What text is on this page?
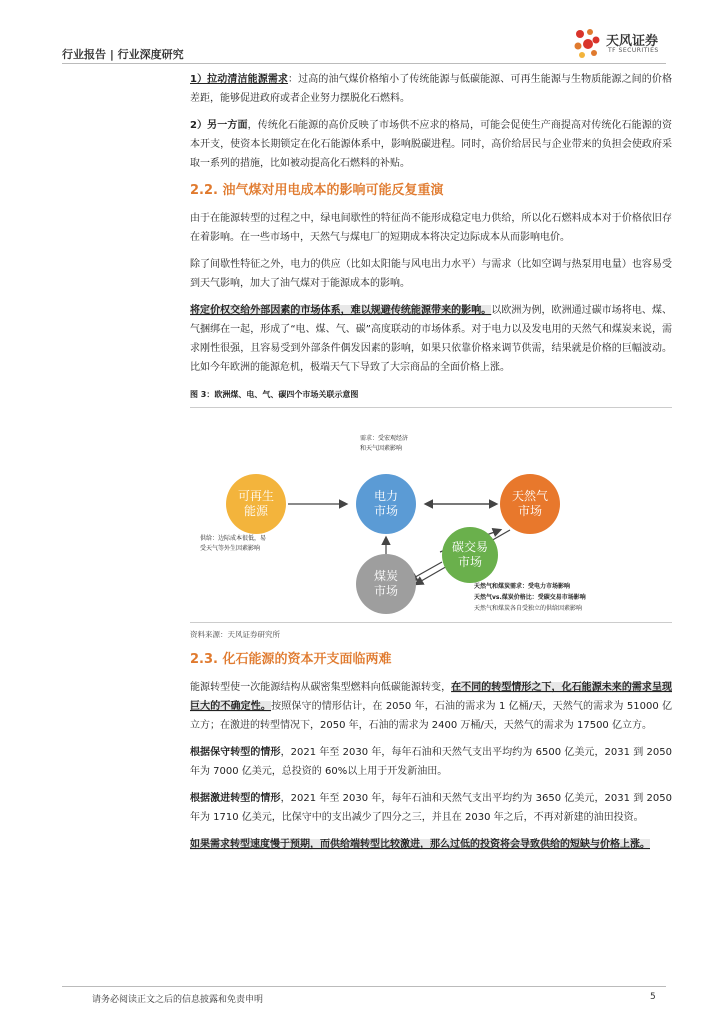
行业报告 | 行业深度研究
天风证券
TF SECURITIES

1）拉动清洁能源需求：过高的油气煤价格缩小了传统能源与低碳能源、可再生能源与生物质能源之间的价格差距，能够促进政府或者企业努力摆脱化石燃料。

2）另一方面，传统化石能源的高价反映了市场供不应求的格局，可能会促使生产商提高对传统化石能源的资本开支，使资本长期锁定在化石能源体系中，影响脱碳进程。同时，高价给居民与企业带来的负担会使政府采取一系列的措施，比如被动提高化石燃料的补贴。

2.2. 油气煤对用电成本的影响可能反复重演

由于在能源转型的过程之中，绿电间歇性的特征尚不能形成稳定电力供给，所以化石燃料成本对于价格依旧存在着影响。在一些市场中，天然气与煤电厂的短期成本将决定边际成本从而影响电价。

除了间歇性特征之外，电力的供应（比如太阳能与风电出力水平）与需求（比如空调与热泵用电量）也容易受到天气影响，加大了油气煤对于能源成本的影响。

将定价权交给外部因素的市场体系，难以规避传统能源带来的影响。以欧洲为例，欧洲通过碳市场将电、煤、气捆绑在一起，形成了“电、煤、气、碳”高度联动的市场体系。对于电力以及发电用的天然气和煤炭来说，需求刚性很强，且容易受到外部条件偶发因素的影响，如果只依靠价格来调节供需，结果就是价格的巨幅波动。比如今年欧洲的能源危机，极端天气下导致了大宗商品的全面价格上涨。

图 3：欧洲煤、电、气、碳四个市场关联示意图
可再生
能源
电力
市场
天然气
市场
碳交易
市场
煤炭
市场
需求：受宏观经济
和天气因素影响
供给：边际成本很低，易
受天气等外生因素影响
天然气和煤炭需求：受电力市场影响
天然气vs.煤炭价格比：受碳交易市场影响
天然气和煤炭各自受独立的供给因素影响
资料来源：天风证券研究所
2.3. 化石能源的资本开支面临两难

能源转型使一次能源结构从碳密集型燃料向低碳能源转变，在不同的转型情形之下，化石能源未来的需求呈现巨大的不确定性。按照保守的情形估计，在 2050 年，石油的需求为 1 亿桶/天，天然气的需求为 51000 亿立方；在激进的转型情况下，2050 年，石油的需求为 2400 万桶/天，天然气的需求为 17500 亿立方。

根据保守转型的情形，2021 年至 2030 年，每年石油和天然气支出平均约为 6500 亿美元，2031 到 2050 年为 7000 亿美元，总投资的 60%以上用于开发新油田。

根据激进转型的情形，2021 年至 2030 年，每年石油和天然气支出平均约为 3650 亿美元，2031 到 2050 年为 1710 亿美元，比保守中的支出减少了四分之三，并且在 2030 年之后，不再对新建的油田投资。

如果需求转型速度慢于预期，而供给端转型比较激进，那么过低的投资将会导致供给的短缺与价格上涨。

请务必阅读正文之后的信息披露和免责申明	5
